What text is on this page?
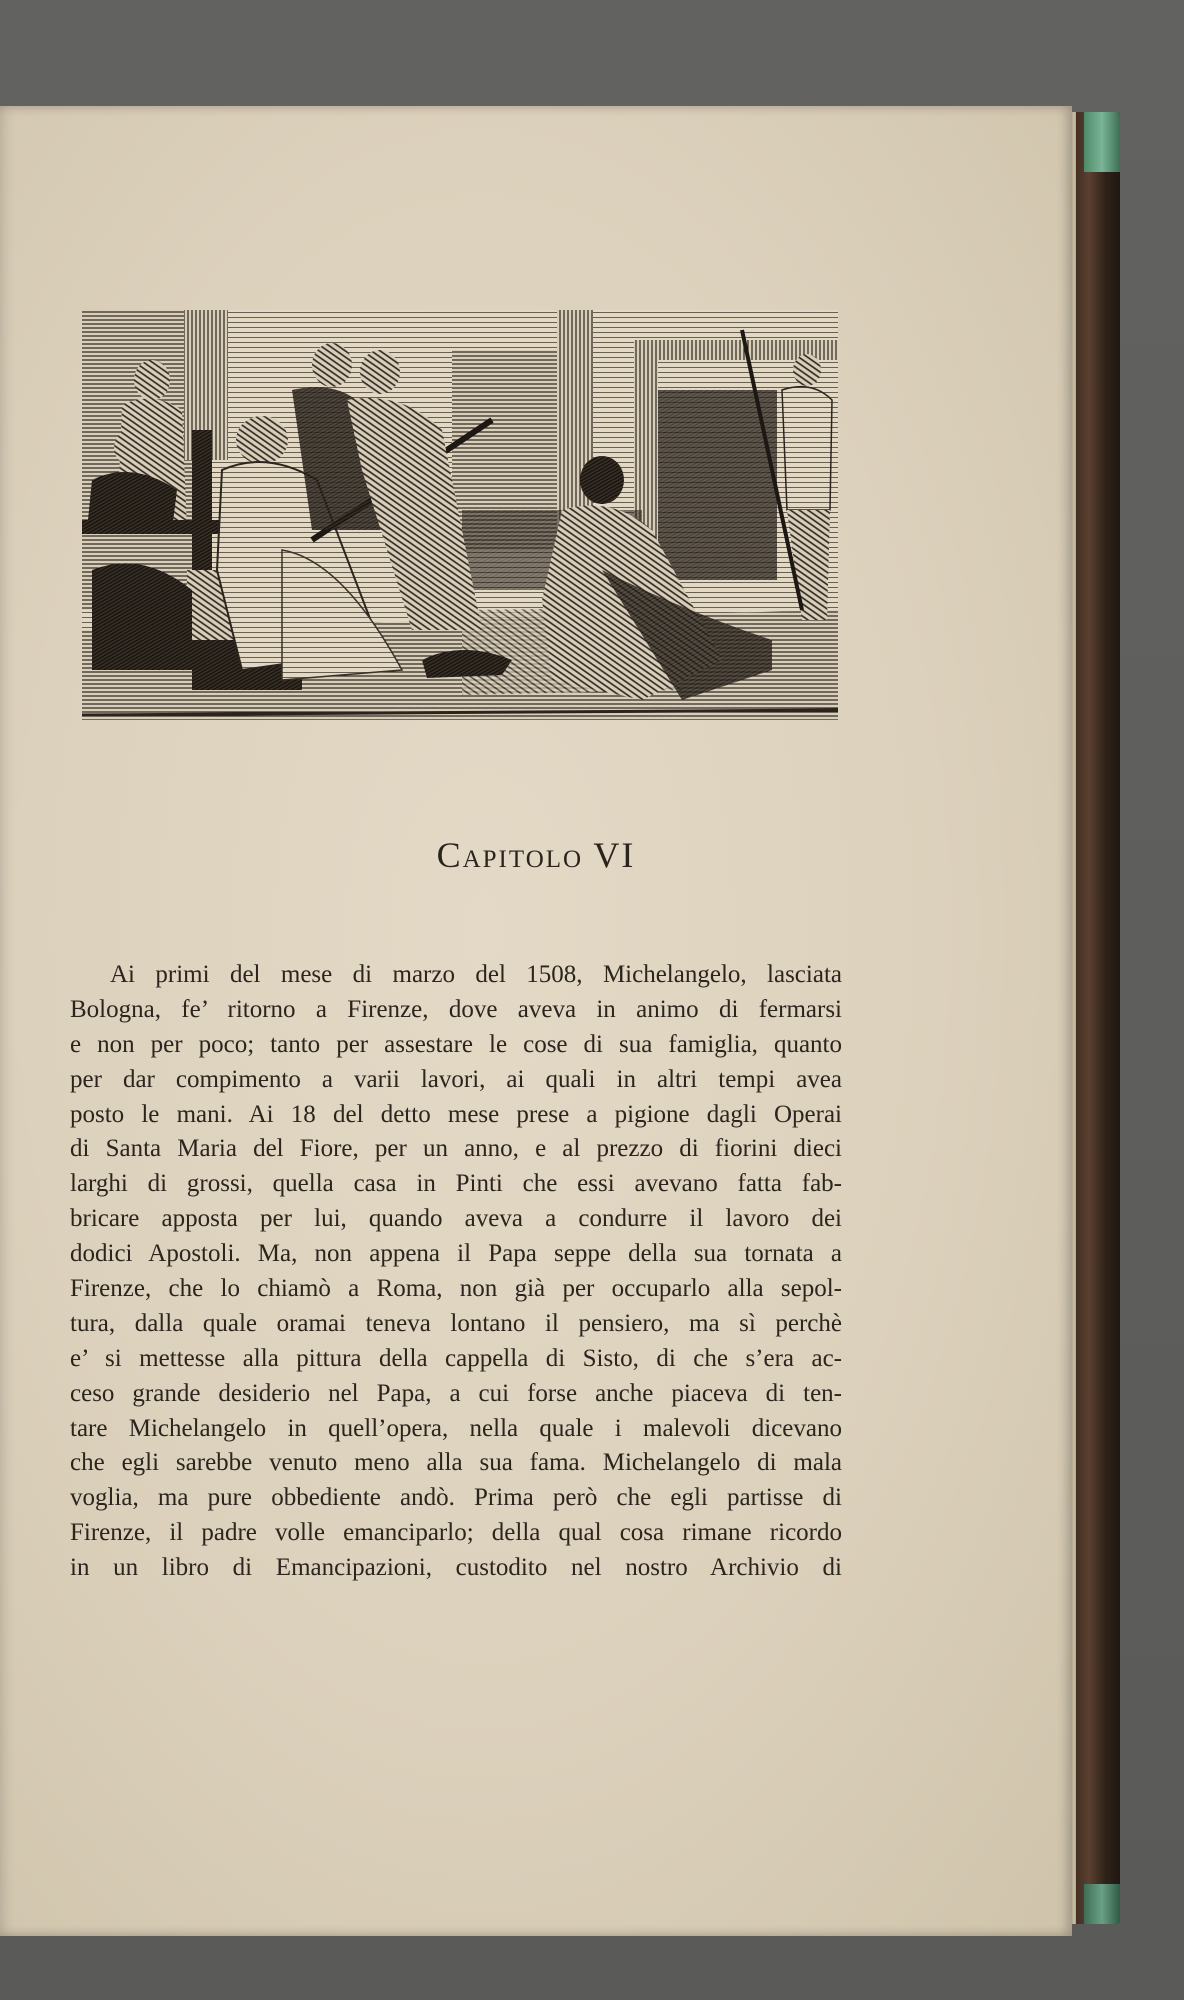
Capitolo VI
Ai primi del mese di marzo del 1508, Michelangelo, lasciata
Bologna, fe’ ritorno a Firenze, dove aveva in animo di fermarsi
e non per poco; tanto per assestare le cose di sua famiglia, quanto
per dar compimento a varii lavori, ai quali in altri tempi avea
posto le mani. Ai 18 del detto mese prese a pigione dagli Operai
di Santa Maria del Fiore, per un anno, e al prezzo di fiorini dieci
larghi di grossi, quella casa in Pinti che essi avevano fatta fab-
bricare apposta per lui, quando aveva a condurre il lavoro dei
dodici Apostoli. Ma, non appena il Papa seppe della sua tornata a
Firenze, che lo chiamò a Roma, non già per occuparlo alla sepol-
tura, dalla quale oramai teneva lontano il pensiero, ma sì perchè
e’ si mettesse alla pittura della cappella di Sisto, di che s’era ac-
ceso grande desiderio nel Papa, a cui forse anche piaceva di ten-
tare Michelangelo in quell’opera, nella quale i malevoli dicevano
che egli sarebbe venuto meno alla sua fama. Michelangelo di mala
voglia, ma pure obbediente andò. Prima però che egli partisse di
Firenze, il padre volle emanciparlo; della qual cosa rimane ricordo
in un libro di Emancipazioni, custodito nel nostro Archivio di
